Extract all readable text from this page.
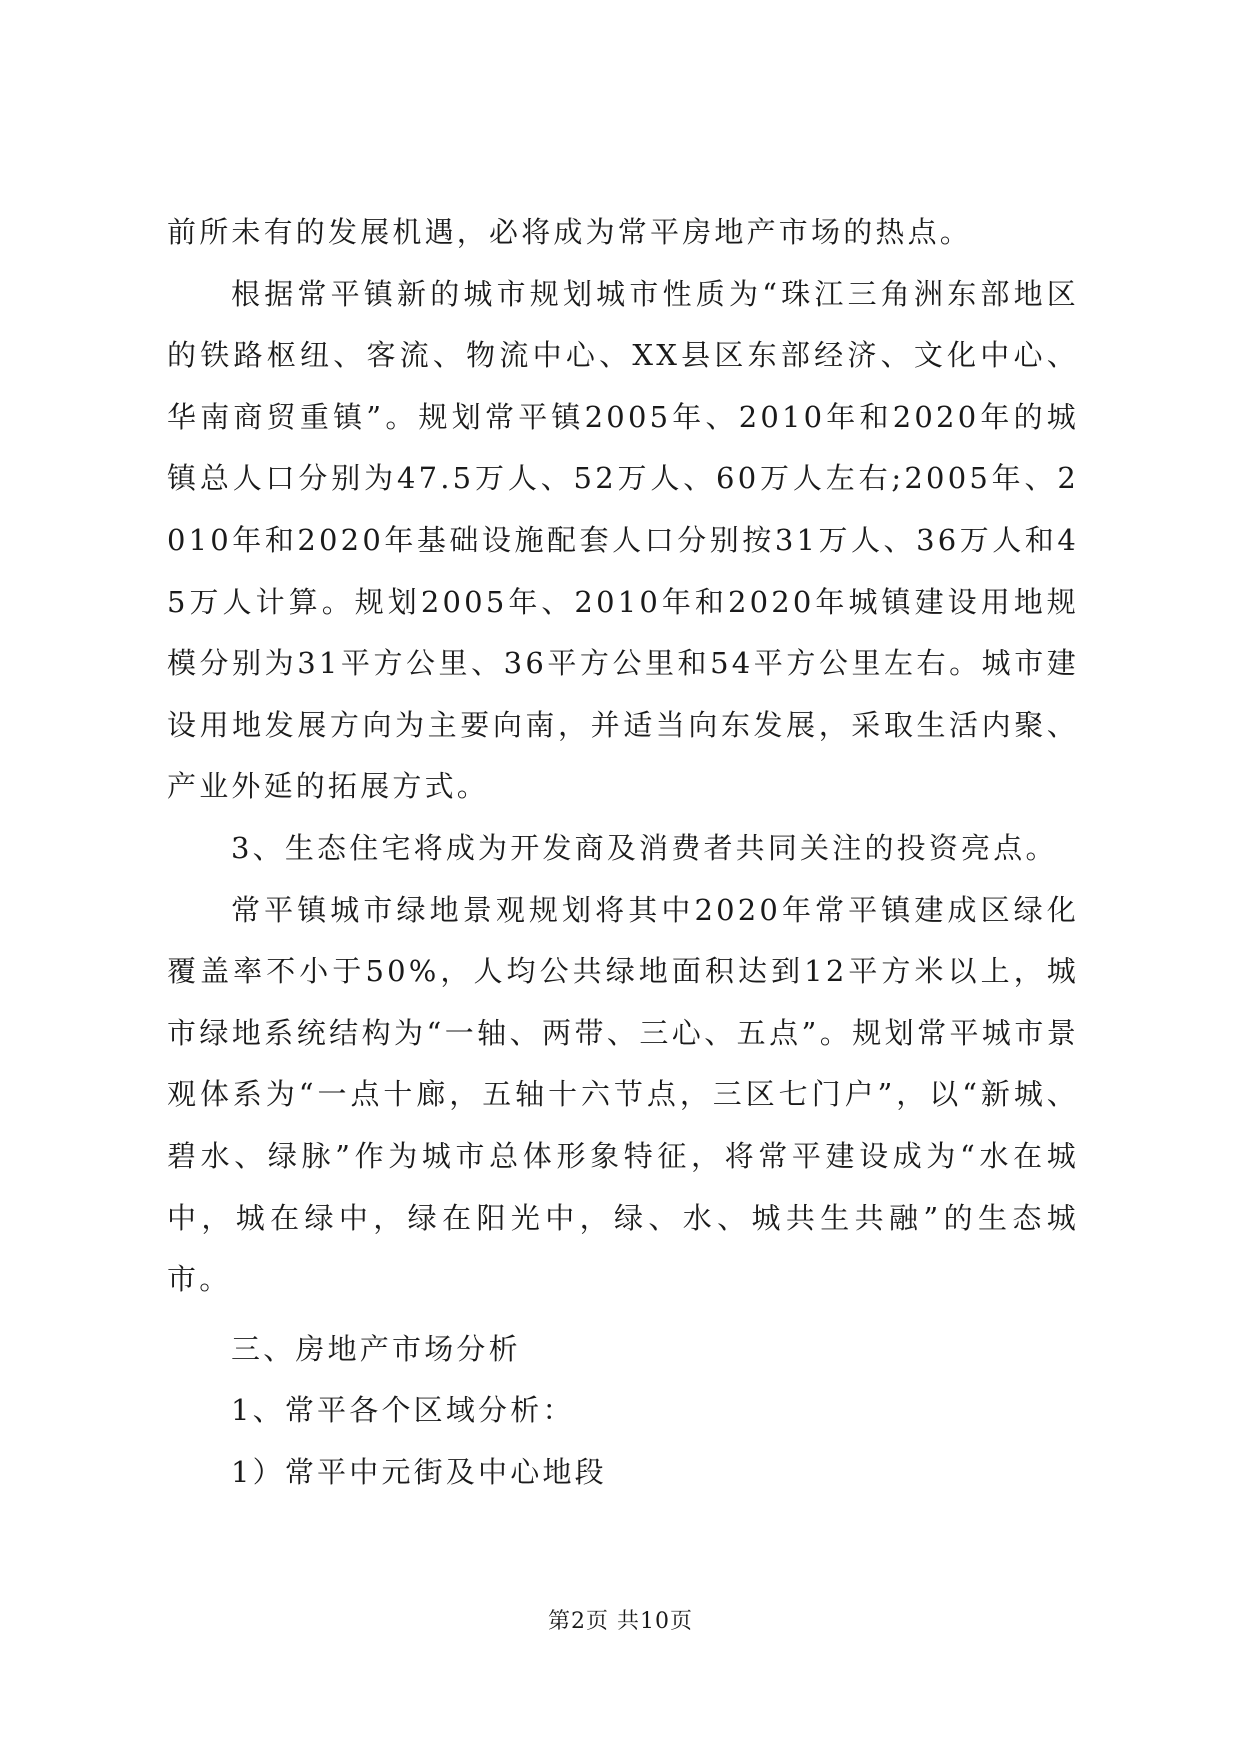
前所未有的发展机遇，必将成为常平房地产市场的热点。

根据常平镇新的城市规划城市性质为“珠江三角洲东部地区的铁路枢纽、客流、物流中心、XX县区东部经济、文化中心、华南商贸重镇”。规划常平镇2005年、2010年和2020年的城镇总人口分别为47.5万人、52万人、60万人左右;2005年、2010年和2020年基础设施配套人口分别按31万人、36万人和45万人计算。规划2005年、2010年和2020年城镇建设用地规模分别为31平方公里、36平方公里和54平方公里左右。城市建设用地发展方向为主要向南，并适当向东发展，采取生活内聚、产业外延的拓展方式。

3、生态住宅将成为开发商及消费者共同关注的投资亮点。

常平镇城市绿地景观规划将其中2020年常平镇建成区绿化覆盖率不小于50%，人均公共绿地面积达到12平方米以上，城市绿地系统结构为“一轴、两带、三心、五点”。规划常平城市景观体系为“一点十廊，五轴十六节点，三区七门户”，以“新城、碧水、绿脉”作为城市总体形象特征，将常平建设成为“水在城中，城在绿中，绿在阳光中，绿、水、城共生共融”的生态城市。

三、房地产市场分析

1、常平各个区域分析：

1）常平中元街及中心地段

第2页 共10页
